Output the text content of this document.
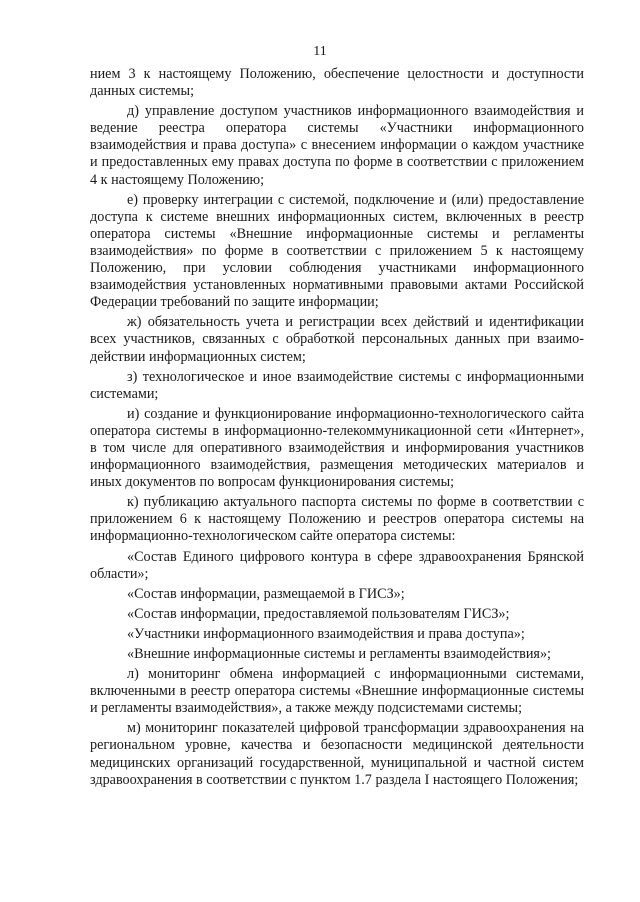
11

нием 3 к настоящему Положению, обеспечение целостности и доступности данных системы;

д) управление доступом участников информационного взаимодействия и ведение реестра оператора системы «Участники информационного взаимодействия и права доступа» с внесением информации о каждом участнике и предоставленных ему правах доступа по форме в соответствии с приложением 4 к настоящему Положению;

е) проверку интеграции с системой, подключение и (или) предоставление доступа к системе внешних информационных систем, включенных в реестр оператора системы «Внешние информационные системы и регламенты взаимодействия» по форме в соответствии с приложением 5 к настоящему Положению, при условии соблюдения участниками информационного взаимодействия установленных нормативными правовыми актами Российской Федерации требований по защите информации;

ж) обязательность учета и регистрации всех действий и идентификации всех участников, связанных с обработкой персональных данных при взаимодействии информационных систем;

з) технологическое и иное взаимодействие системы с информационными системами;

и) создание и функционирование информационно-технологического сайта оператора системы в информационно-телекоммуникационной сети «Интернет», в том числе для оперативного взаимодействия и информирования участников информационного взаимодействия, размещения методических материалов и иных документов по вопросам функционирования системы;

к) публикацию актуального паспорта системы по форме в соответствии с приложением 6 к настоящему Положению и реестров оператора системы на информационно-технологическом сайте оператора системы:

«Состав Единого цифрового контура в сфере здравоохранения Брянской области»;

«Состав информации, размещаемой в ГИСЗ»;

«Состав информации, предоставляемой пользователям ГИСЗ»;

«Участники информационного взаимодействия и права доступа»;

«Внешние информационные системы и регламенты взаимодействия»;

л) мониторинг обмена информацией с информационными системами, включенными в реестр оператора системы «Внешние информационные системы и регламенты взаимодействия», а также между подсистемами системы;

м) мониторинг показателей цифровой трансформации здравоохранения на региональном уровне, качества и безопасности медицинской деятельности медицинских организаций государственной, муниципальной и частной систем здравоохранения в соответствии с пунктом 1.7 раздела I настоящего Положения;
